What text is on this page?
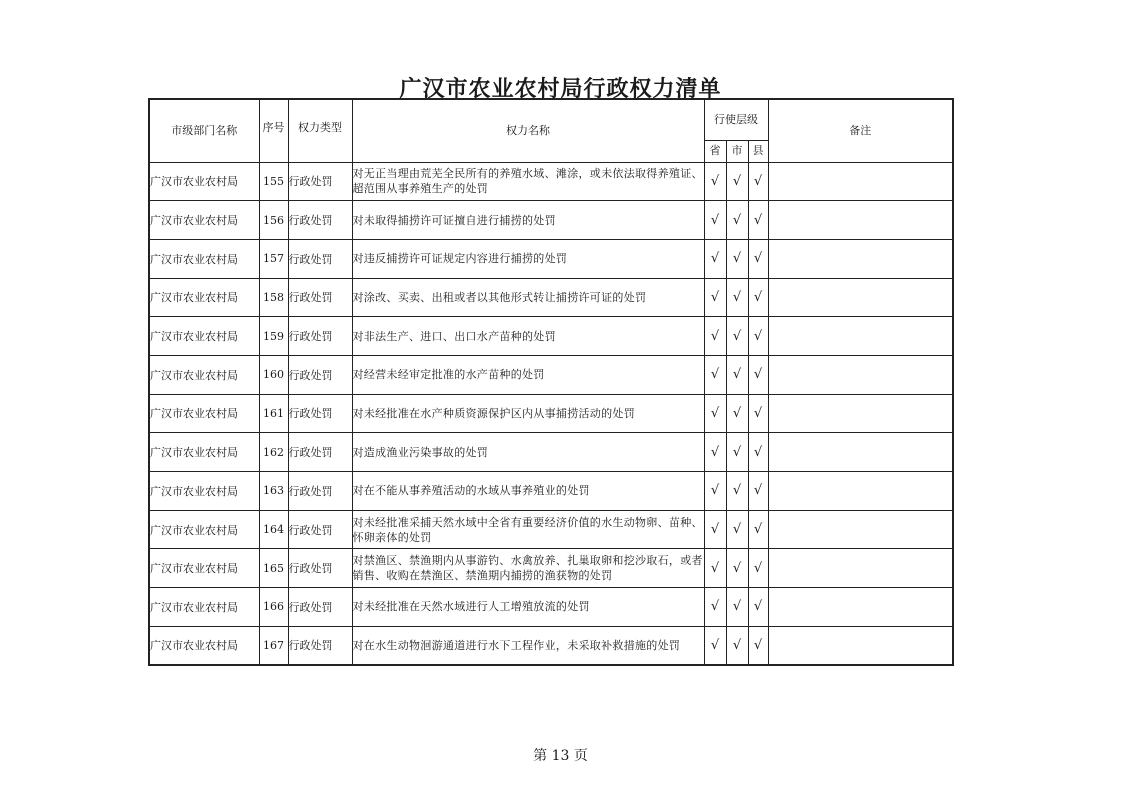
广汉市农业农村局行政权力清单
市级部门名称	序号	权力类型	权力名称	行使层级			备注
				省	市	县	
广汉市农业农村局	155	行政处罚	对无正当理由荒芜全民所有的养殖水域、滩涂，或未依法取得养殖证、超范围从事养殖生产的处罚	√	√	√	
广汉市农业农村局	156	行政处罚	对未取得捕捞许可证擅自进行捕捞的处罚	√	√	√	
广汉市农业农村局	157	行政处罚	对违反捕捞许可证规定内容进行捕捞的处罚	√	√	√	
广汉市农业农村局	158	行政处罚	对涂改、买卖、出租或者以其他形式转让捕捞许可证的处罚	√	√	√	
广汉市农业农村局	159	行政处罚	对非法生产、进口、出口水产苗种的处罚	√	√	√	
广汉市农业农村局	160	行政处罚	对经营未经审定批准的水产苗种的处罚	√	√	√	
广汉市农业农村局	161	行政处罚	对未经批准在水产种质资源保护区内从事捕捞活动的处罚	√	√	√	
广汉市农业农村局	162	行政处罚	对造成渔业污染事故的处罚	√	√	√	
广汉市农业农村局	163	行政处罚	对在不能从事养殖活动的水域从事养殖业的处罚	√	√	√	
广汉市农业农村局	164	行政处罚	对未经批准采捕天然水域中全省有重要经济价值的水生动物卵、苗种、怀卵亲体的处罚	√	√	√	
广汉市农业农村局	165	行政处罚	对禁渔区、禁渔期内从事游钓、水禽放养、扎巢取卵和挖沙取石，或者销售、收购在禁渔区、禁渔期内捕捞的渔获物的处罚	√	√	√	
广汉市农业农村局	166	行政处罚	对未经批准在天然水域进行人工增殖放流的处罚	√	√	√	
广汉市农业农村局	167	行政处罚	对在水生动物洄游通道进行水下工程作业，未采取补救措施的处罚	√	√	√	
第 13 页
